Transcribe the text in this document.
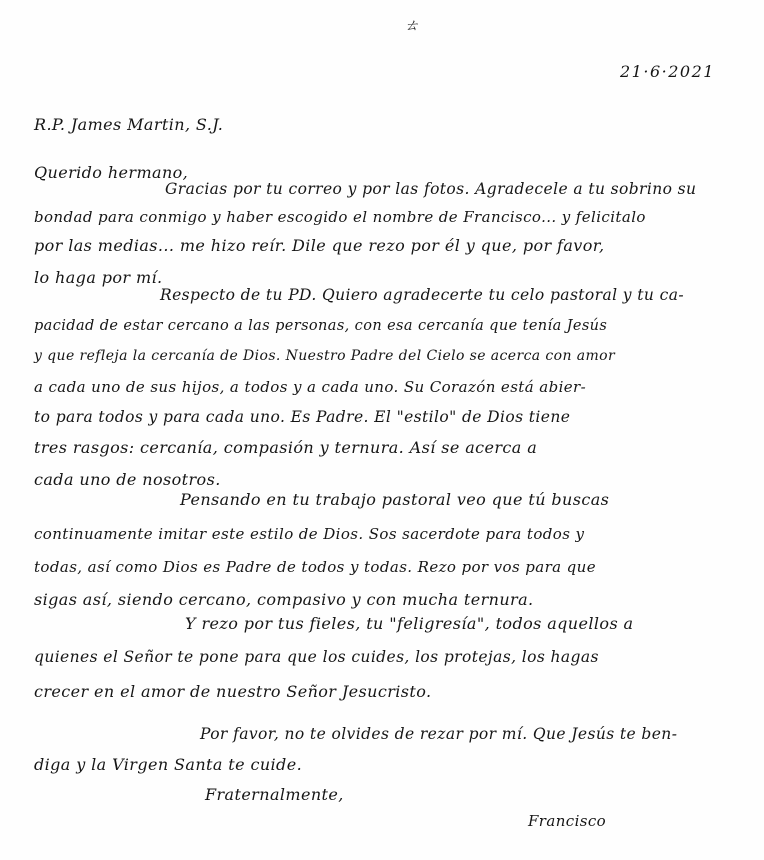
ㄊ
21·6·2021
R.P. James Martin, S.J.
Querido hermano,
Gracias por tu correo y por las fotos. Agradecele a tu sobrino su
bondad para conmigo y haber escogido el nombre de Francisco... y felicitalo
por las medias... me hizo reír. Dile que rezo por él y que, por favor,
lo haga por mí.
Respecto de tu PD. Quiero agradecerte tu celo pastoral y tu ca-
pacidad de estar cercano a las personas, con esa cercanía que tenía Jesús
y que refleja la cercanía de Dios. Nuestro Padre del Cielo se acerca con amor
a cada uno de sus hijos, a todos y a cada uno. Su Corazón está abier-
to para todos y para cada uno. Es Padre. El "estilo" de Dios tiene
tres rasgos: cercanía, compasión y ternura. Así se acerca a
cada uno de nosotros.
Pensando en tu trabajo pastoral veo que tú buscas
continuamente imitar este estilo de Dios. Sos sacerdote para todos y
todas, así como Dios es Padre de todos y todas. Rezo por vos para que
sigas así, siendo cercano, compasivo y con mucha ternura.
Y rezo por tus fieles, tu "feligresía", todos aquellos a
quienes el Señor te pone para que los cuides, los protejas, los hagas
crecer en el amor de nuestro Señor Jesucristo.
Por favor, no te olvides de rezar por mí. Que Jesús te ben-
diga y la Virgen Santa te cuide.
Fraternalmente,
Francisco
